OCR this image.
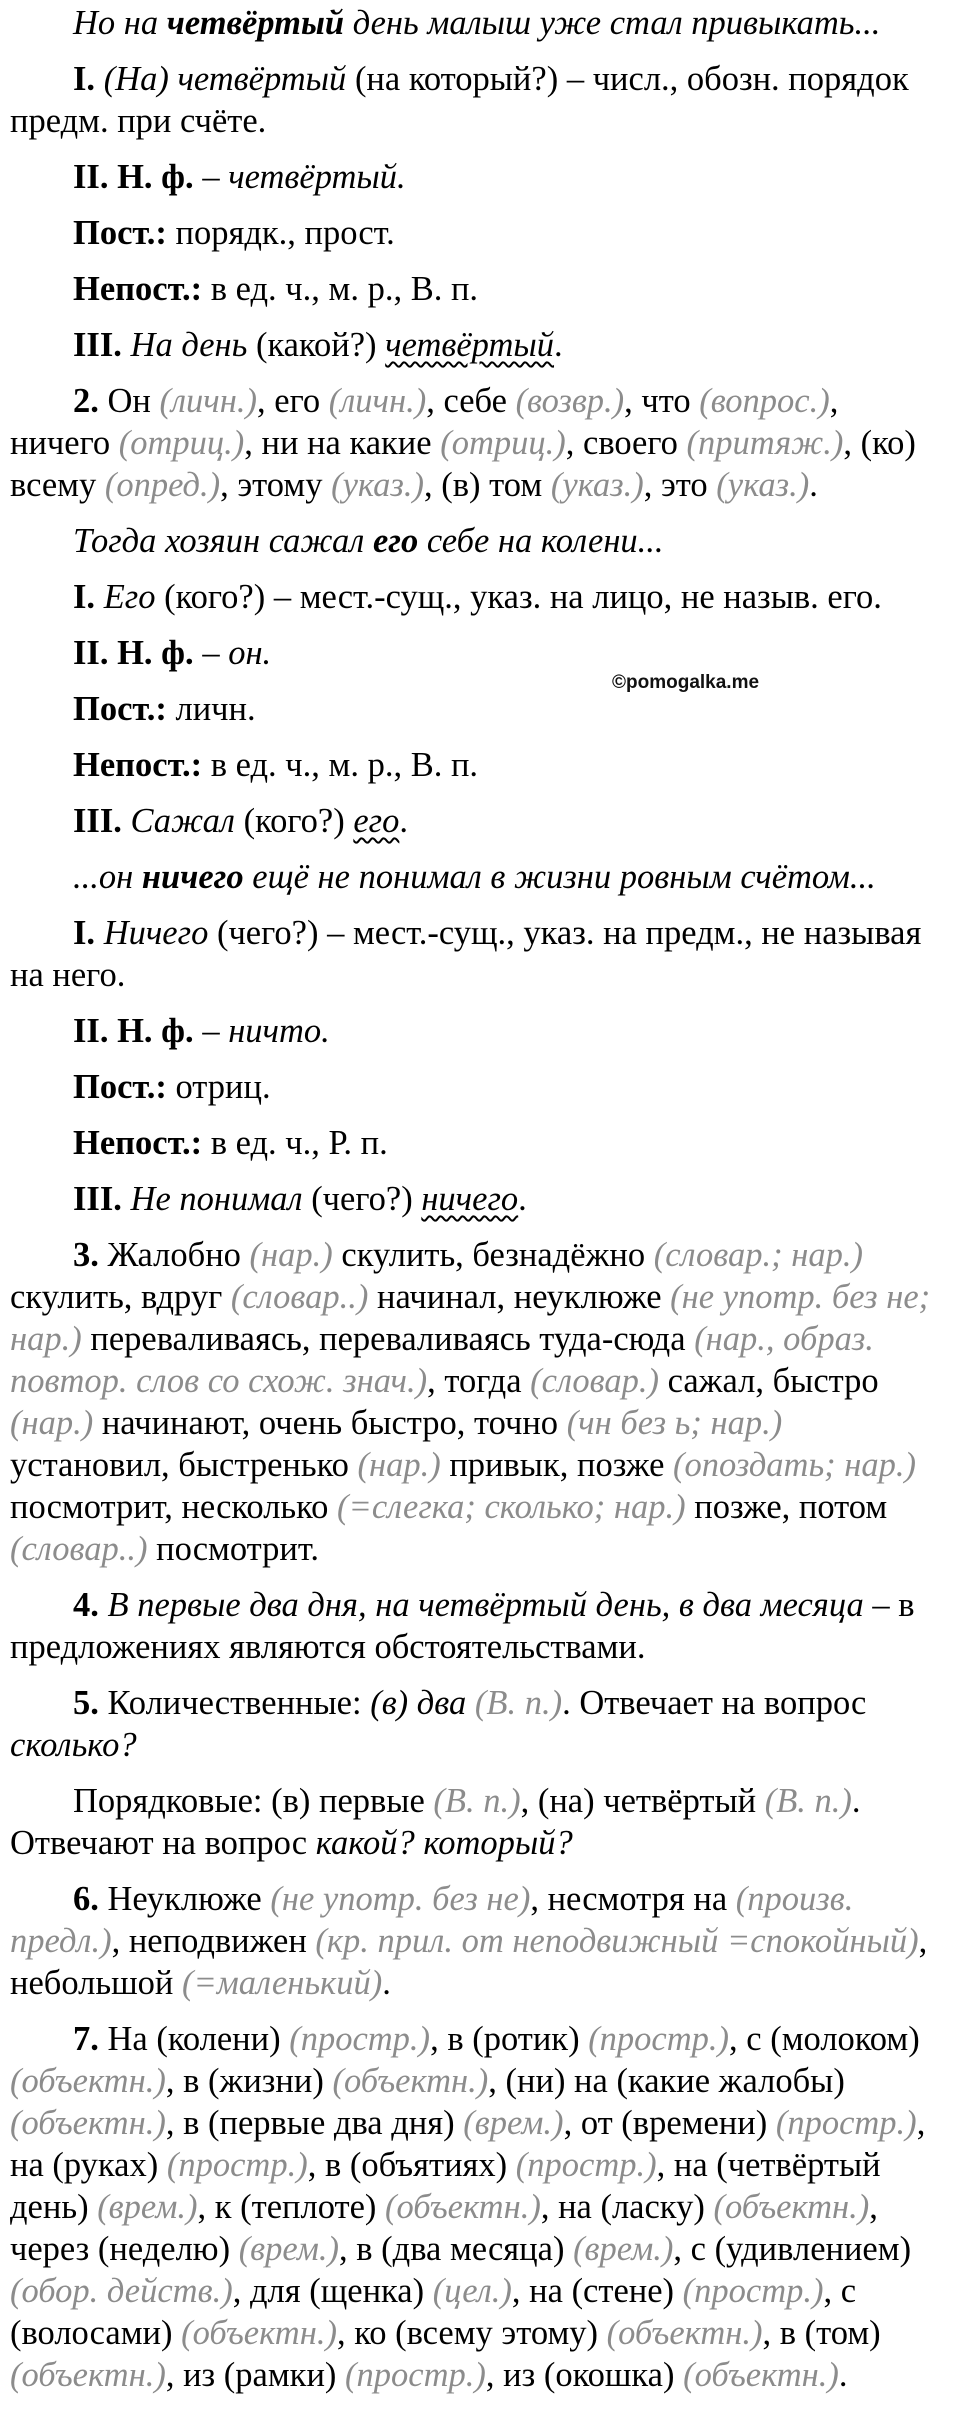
Но на четвёртый день малыш уже стал привыкать...

I. (На) четвёртый (на который?) – числ., обозн. порядок предм. при счёте.

II. Н. ф. – четвёртый.

Пост.: порядк., прост.

Непост.: в ед. ч., м. р., В. п.

III. На день (какой?) четвёртый.

2. Он (личн.), его (личн.), себе (возвр.), что (вопрос.), ничего (отриц.), ни на какие (отриц.), своего (притяж.), (ко) всему (опред.), этому (указ.), (в) том (указ.), это (указ.).

Тогда хозяин сажал его себе на колени...

I. Его (кого?) – мест.-сущ., указ. на лицо, не назыв. его.

II. Н. ф. – он.

Пост.: личн.

Непост.: в ед. ч., м. р., В. п.

III. Сажал (кого?) его.

...он ничего ещё не понимал в жизни ровным счётом...

I. Ничего (чего?) – мест.-сущ., указ. на предм., не называя на него.

II. Н. ф. – ничто.

Пост.: отриц.

Непост.: в ед. ч., Р. п.

III. Не понимал (чего?) ничего.

3. Жалобно (нар.) скулить, безнадёжно (словар.; нар.) скулить, вдруг (словар..) начинал, неуклюже (не употр. без не; нар.) переваливаясь, переваливаясь туда-сюда (нар., образ. повтор. слов со схож. знач.), тогда (словар.) сажал, быстро (нар.) начинают, очень быстро, точно (чн без ь; нар.) установил, быстренько (нар.) привык, позже (опоздать; нар.) посмотрит, несколько (=слегка; сколько; нар.) позже, потом (словар..) посмотрит.

4. В первые два дня, на четвёртый день, в два месяца – в предложениях являются обстоятельствами.

5. Количественные: (в) два (В. п.). Отвечает на вопрос сколько?

Порядковые: (в) первые (В. п.), (на) четвёртый (В. п.). Отвечают на вопрос какой? который?

6. Неуклюже (не употр. без не), несмотря на (произв. предл.), неподвижен (кр. прил. от неподвижный =спокойный), небольшой (=маленький).

7. На (колени) (простр.), в (ротик) (простр.), с (молоком) (объектн.), в (жизни) (объектн.), (ни) на (какие жалобы) (объектн.), в (первые два дня) (врем.), от (времени) (простр.), на (руках) (простр.), в (объятиях) (простр.), на (четвёртый день) (врем.), к (теплоте) (объектн.), на (ласку) (объектн.), через (неделю) (врем.), в (два месяца) (врем.), с (удивлением) (обор. действ.), для (щенка) (цел.), на (стене) (простр.), с (волосами) (объектн.), ко (всему этому) (объектн.), в (том) (объектн.), из (рамки) (простр.), из (окошка) (объектн.).

©pomogalka.me
